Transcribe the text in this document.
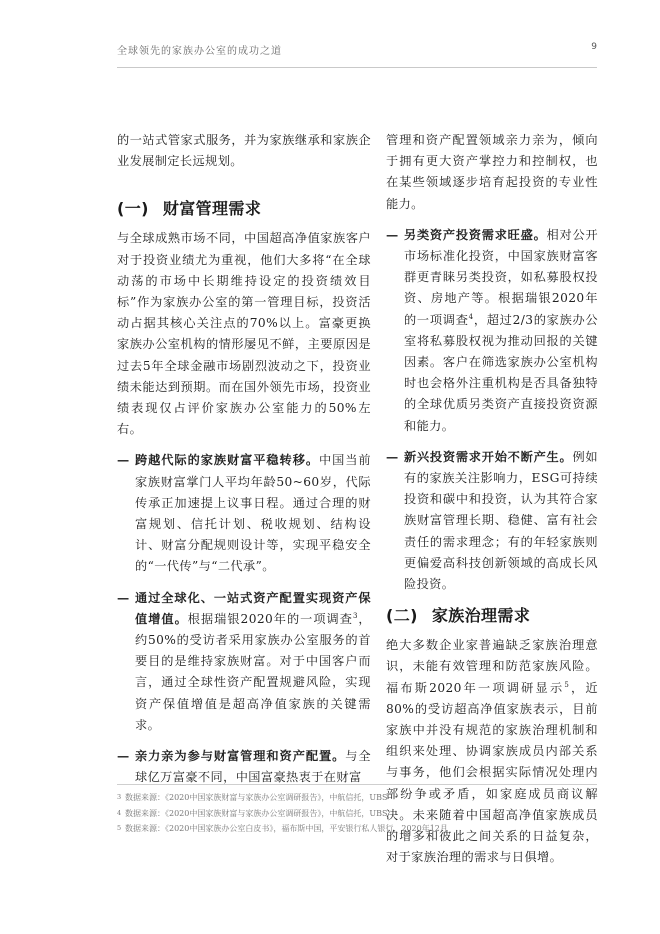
全球领先的家族办公室的成功之道	9

的一站式管家式服务，并为家族继承和家族企业发展制定长远规划。

(一) 财富管理需求

与全球成熟市场不同，中国超高净值家族客户对于投资业绩尤为重视，他们大多将“在全球动荡的市场中长期维持设定的投资绩效目标”作为家族办公室的第一管理目标，投资活动占据其核心关注点的70%以上。富豪更换家族办公室机构的情形屡见不鲜，主要原因是过去5年全球金融市场剧烈波动之下，投资业绩未能达到预期。而在国外领先市场，投资业绩表现仅占评价家族办公室能力的50%左右。

— 跨越代际的家族财富平稳转移。中国当前家族财富掌门人平均年龄50~60岁，代际传承正加速提上议事日程。通过合理的财富规划、信托计划、税收规划、结构设计、财富分配规则设计等，实现平稳安全的“一代传”与“二代承”。
— 通过全球化、一站式资产配置实现资产保值增值。根据瑞银2020年的一项调查$^3$，约50%的受访者采用家族办公室服务的首要目的是维持家族财富。对于中国客户而言，通过全球性资产配置规避风险，实现资产保值增值是超高净值家族的关键需求。
— 亲力亲为参与财富管理和资产配置。与全球亿万富豪不同，中国富豪热衷于在财富

管理和资产配置领域亲力亲为，倾向于拥有更大资产掌控力和控制权，也在某些领域逐步培育起投资的专业性能力。

— 另类资产投资需求旺盛。相对公开市场标准化投资，中国家族财富客群更青睐另类投资，如私募股权投资、房地产等。根据瑞银2020年的一项调查$^4$，超过2/3的家族办公室将私募股权视为推动回报的关键因素。客户在筛选家族办公室机构时也会格外注重机构是否具备独特的全球优质另类资产直接投资资源和能力。
— 新兴投资需求开始不断产生。例如有的家族关注影响力，ESG可持续投资和碳中和投资，认为其符合家族财富管理长期、稳健、富有社会责任的需求理念；有的年轻家族则更偏爱高科技创新领域的高成长风险投资。
(二) 家族治理需求

绝大多数企业家普遍缺乏家族治理意识，未能有效管理和防范家族风险。福布斯2020年一项调研显示$^5$，近80%的受访超高净值家族表示，目前家族中并没有规范的家族治理机制和组织来处理、协调家族成员内部关系与事务，他们会根据实际情况处理内部纷争或矛盾，如家庭成员商议解决。未来随着中国超高净值家族成员的增多和彼此之间关系的日益复杂，对于家族治理的需求与日俱增。

3 数据来源：《2020中国家族财富与家族办公室调研报告》，中航信托，UBS
4 数据来源：《2020中国家族财富与家族办公室调研报告》，中航信托，UBS
5 数据来源：《2020中国家族办公室白皮书》，福布斯中国，平安银行私人银行，2020年12月
